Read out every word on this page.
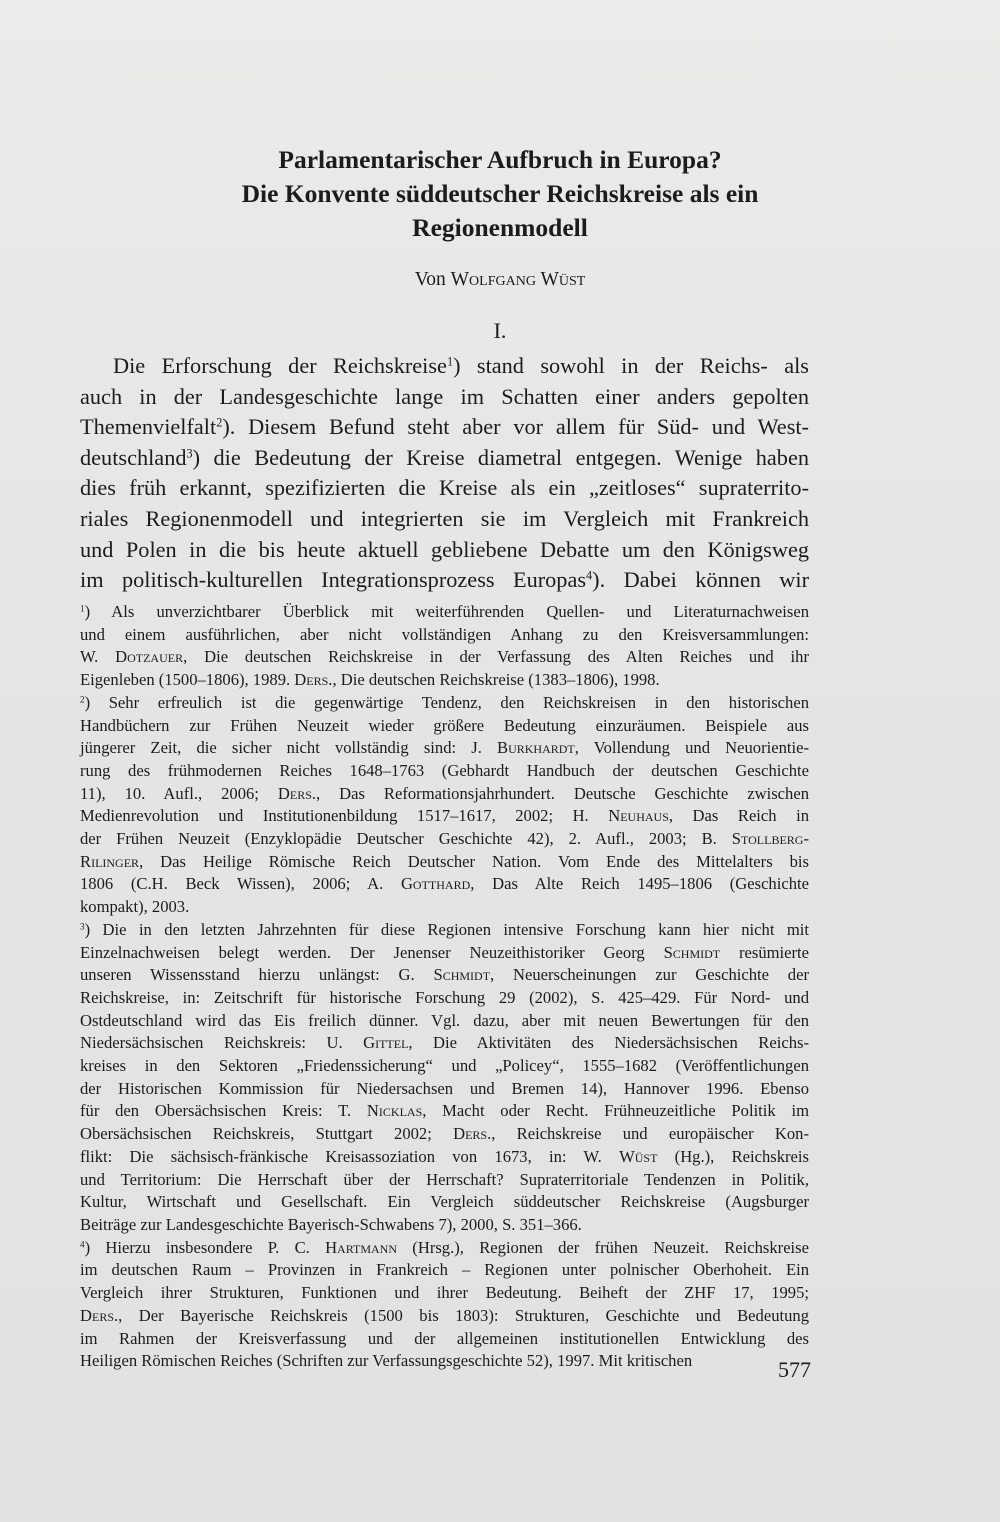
Parlamentarischer Aufbruch in Europa?
Die Konvente süddeutscher Reichskreise als ein
Regionenmodell
Von Wolfgang Wüst
I.
Die Erforschung der Reichskreise$^1$) stand sowohl in der Reichs- als
auch in der Landesgeschichte lange im Schatten einer anders gepolten
Themenvielfalt$^2$). Diesem Befund steht aber vor allem für Süd- und West-
deutschland$^3$) die Bedeutung der Kreise diametral entgegen. Wenige haben
dies früh erkannt, spezifizierten die Kreise als ein „zeitloses“ supraterrito-
riales Regionenmodell und integrierten sie im Vergleich mit Frankreich
und Polen in die bis heute aktuell gebliebene Debatte um den Königsweg
im politisch-kulturellen Integrationsprozess Europas$^4$). Dabei können wir
$^1$) Als unverzichtbarer Überblick mit weiterführenden Quellen- und Literaturnachweisen
und einem ausführlichen, aber nicht vollständigen Anhang zu den Kreisversammlungen:
W. Dotzauer, Die deutschen Reichskreise in der Verfassung des Alten Reiches und ihr
Eigenleben (1500–1806), 1989. Ders., Die deutschen Reichskreise (1383–1806), 1998.
$^2$) Sehr erfreulich ist die gegenwärtige Tendenz, den Reichskreisen in den historischen
Handbüchern zur Frühen Neuzeit wieder größere Bedeutung einzuräumen. Beispiele aus
jüngerer Zeit, die sicher nicht vollständig sind: J. Burkhardt, Vollendung und Neuorientie-
rung des frühmodernen Reiches 1648–1763 (Gebhardt Handbuch der deutschen Geschichte
11), 10. Aufl., 2006; Ders., Das Reformationsjahrhundert. Deutsche Geschichte zwischen
Medienrevolution und Institutionenbildung 1517–1617, 2002; H. Neuhaus, Das Reich in
der Frühen Neuzeit (Enzyklopädie Deutscher Geschichte 42), 2. Aufl., 2003; B. Stollberg-
Rilinger, Das Heilige Römische Reich Deutscher Nation. Vom Ende des Mittelalters bis
1806 (C.H. Beck Wissen), 2006; A. Gotthard, Das Alte Reich 1495–1806 (Geschichte
kompakt), 2003.
$^3$) Die in den letzten Jahrzehnten für diese Regionen intensive Forschung kann hier nicht mit
Einzelnachweisen belegt werden. Der Jenenser Neuzeithistoriker Georg Schmidt resümierte
unseren Wissensstand hierzu unlängst: G. Schmidt, Neuerscheinungen zur Geschichte der
Reichskreise, in: Zeitschrift für historische Forschung 29 (2002), S. 425–429. Für Nord- und
Ostdeutschland wird das Eis freilich dünner. Vgl. dazu, aber mit neuen Bewertungen für den
Niedersächsischen Reichskreis: U. Gittel, Die Aktivitäten des Niedersächsischen Reichs-
kreises in den Sektoren „Friedenssicherung“ und „Policey“, 1555–1682 (Veröffentlichungen
der Historischen Kommission für Niedersachsen und Bremen 14), Hannover 1996. Ebenso
für den Obersächsischen Kreis: T. Nicklas, Macht oder Recht. Frühneuzeitliche Politik im
Obersächsischen Reichskreis, Stuttgart 2002; Ders., Reichskreise und europäischer Kon-
flikt: Die sächsisch-fränkische Kreisassoziation von 1673, in: W. Wüst (Hg.), Reichskreis
und Territorium: Die Herrschaft über der Herrschaft? Supraterritoriale Tendenzen in Politik,
Kultur, Wirtschaft und Gesellschaft. Ein Vergleich süddeutscher Reichskreise (Augsburger
Beiträge zur Landesgeschichte Bayerisch-Schwabens 7), 2000, S. 351–366.
$^4$) Hierzu insbesondere P. C. Hartmann (Hrsg.), Regionen der frühen Neuzeit. Reichskreise
im deutschen Raum – Provinzen in Frankreich – Regionen unter polnischer Oberhoheit. Ein
Vergleich ihrer Strukturen, Funktionen und ihrer Bedeutung. Beiheft der ZHF 17, 1995;
Ders., Der Bayerische Reichskreis (1500 bis 1803): Strukturen, Geschichte und Bedeutung
im Rahmen der Kreisverfassung und der allgemeinen institutionellen Entwicklung des
Heiligen Römischen Reiches (Schriften zur Verfassungsgeschichte 52), 1997. Mit kritischen	577
